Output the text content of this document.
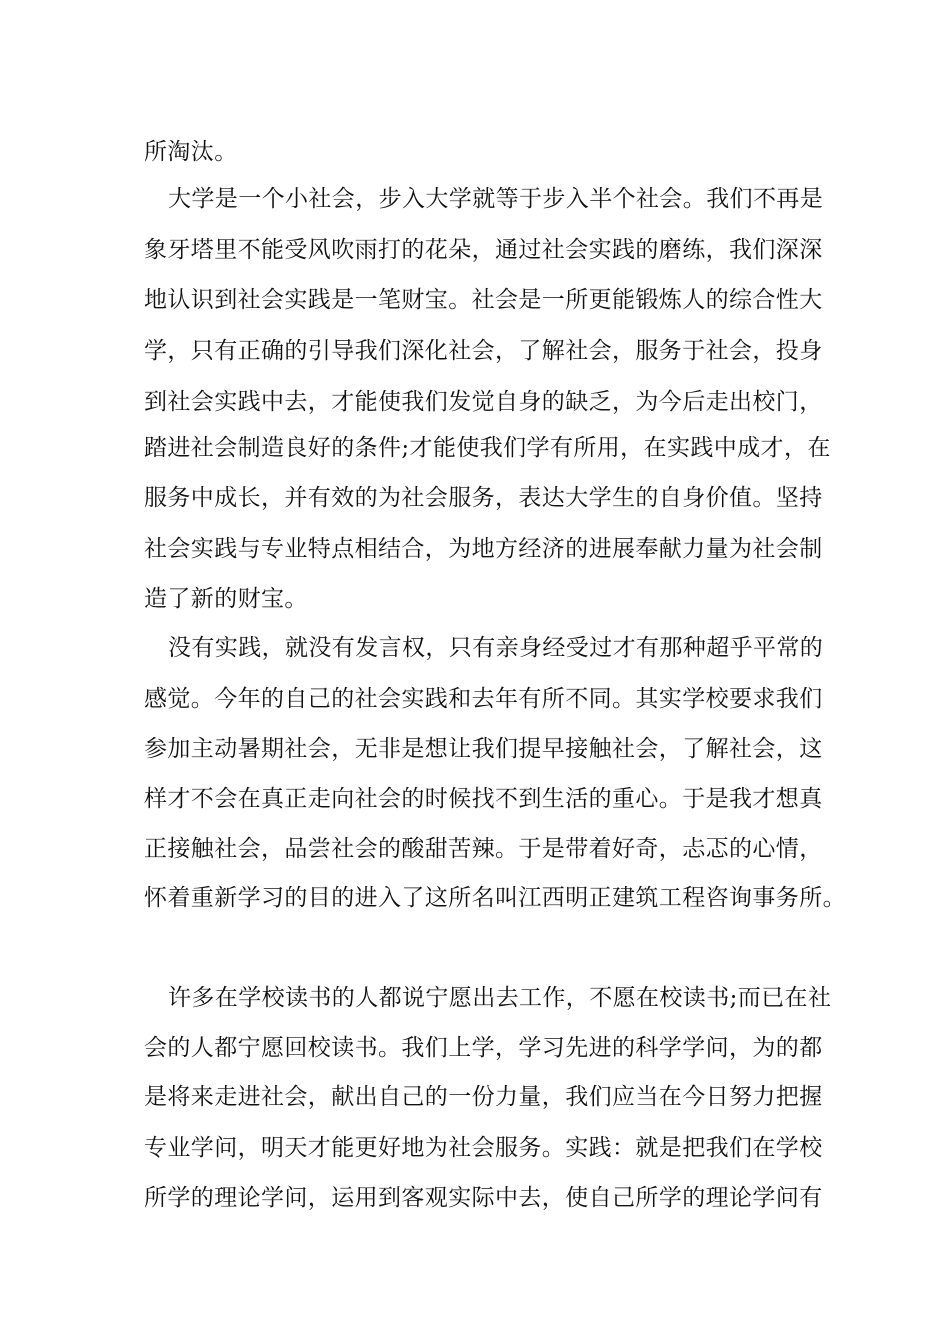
所淘汰。
大学是一个小社会，步入大学就等于步入半个社会。我们不再是
象牙塔里不能受风吹雨打的花朵，通过社会实践的磨练，我们深深
地认识到社会实践是一笔财宝。社会是一所更能锻炼人的综合性大
学，只有正确的引导我们深化社会，了解社会，服务于社会，投身
到社会实践中去，才能使我们发觉自身的缺乏，为今后走出校门，
踏进社会制造良好的条件;才能使我们学有所用，在实践中成才，在
服务中成长，并有效的为社会服务，表达大学生的自身价值。坚持
社会实践与专业特点相结合，为地方经济的进展奉献力量为社会制
造了新的财宝。
没有实践，就没有发言权，只有亲身经受过才有那种超乎平常的
感觉。今年的自己的社会实践和去年有所不同。其实学校要求我们
参加主动暑期社会，无非是想让我们提早接触社会，了解社会，这
样才不会在真正走向社会的时候找不到生活的重心。于是我才想真
正接触社会，品尝社会的酸甜苦辣。于是带着好奇，忐忑的心情，
怀着重新学习的目的进入了这所名叫江西明正建筑工程咨询事务所。
许多在学校读书的人都说宁愿出去工作，不愿在校读书;而已在社
会的人都宁愿回校读书。我们上学，学习先进的科学学问，为的都
是将来走进社会，献出自己的一份力量，我们应当在今日努力把握
专业学问，明天才能更好地为社会服务。实践：就是把我们在学校
所学的理论学问，运用到客观实际中去，使自己所学的理论学问有
